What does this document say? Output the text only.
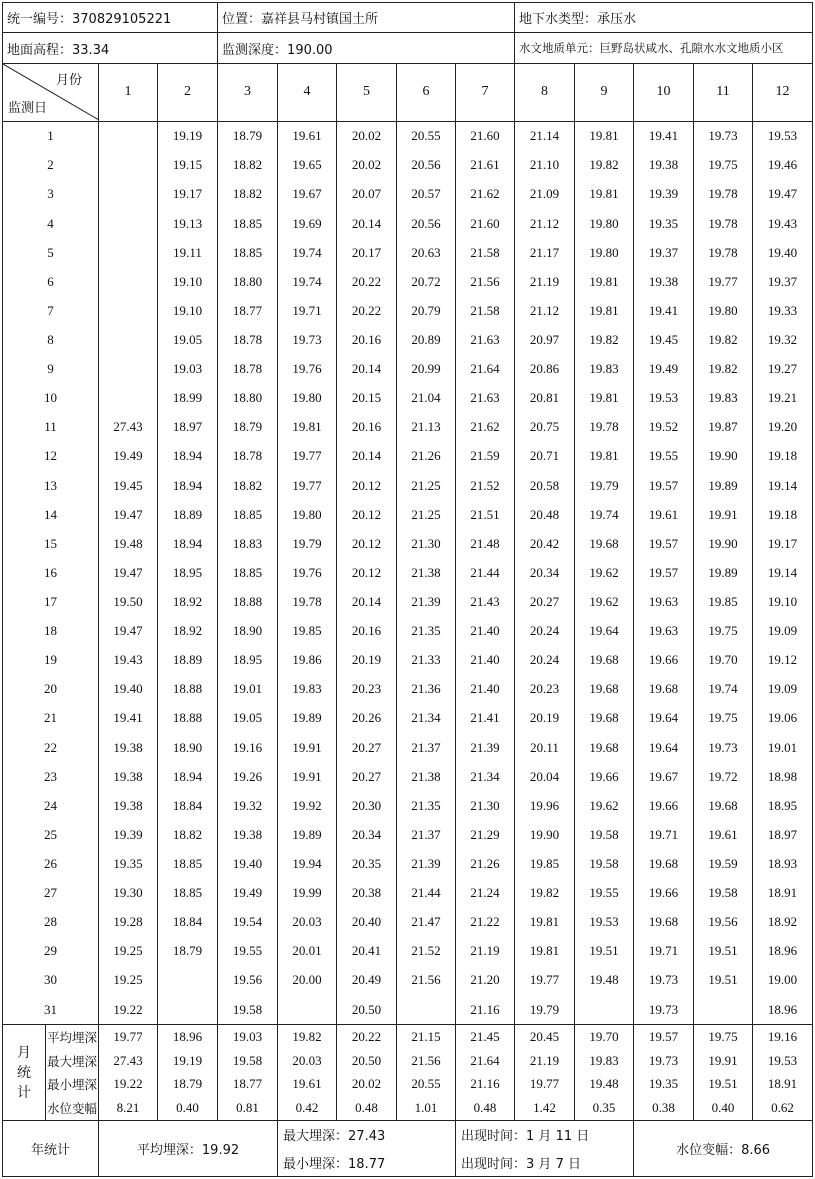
统一编号：370829105221				位置：嘉祥县马村镇国土所					地下水类型：承压水				
地面高程：33.34				监测深度：190.00					水文地质单元：巨野岛状咸水、孔隙水水文地质小区				

月份
监测日		1	2	3	4	5	6	7	8	9	10	11	12
1			19.19	18.79	19.61	20.02	20.55	21.60	21.14	19.81	19.41	19.73	19.53
2			19.15	18.82	19.65	20.02	20.56	21.61	21.10	19.82	19.38	19.75	19.46
3			19.17	18.82	19.67	20.07	20.57	21.62	21.09	19.81	19.39	19.78	19.47
4			19.13	18.85	19.69	20.14	20.56	21.60	21.12	19.80	19.35	19.78	19.43
5			19.11	18.85	19.74	20.17	20.63	21.58	21.17	19.80	19.37	19.78	19.40
6			19.10	18.80	19.74	20.22	20.72	21.56	21.19	19.81	19.38	19.77	19.37
7			19.10	18.77	19.71	20.22	20.79	21.58	21.12	19.81	19.41	19.80	19.33
8			19.05	18.78	19.73	20.16	20.89	21.63	20.97	19.82	19.45	19.82	19.32
9			19.03	18.78	19.76	20.14	20.99	21.64	20.86	19.83	19.49	19.82	19.27
10			18.99	18.80	19.80	20.15	21.04	21.63	20.81	19.81	19.53	19.83	19.21
11		27.43	18.97	18.79	19.81	20.16	21.13	21.62	20.75	19.78	19.52	19.87	19.20
12		19.49	18.94	18.78	19.77	20.14	21.26	21.59	20.71	19.81	19.55	19.90	19.18
13		19.45	18.94	18.82	19.77	20.12	21.25	21.52	20.58	19.79	19.57	19.89	19.14
14		19.47	18.89	18.85	19.80	20.12	21.25	21.51	20.48	19.74	19.61	19.91	19.18
15		19.48	18.94	18.83	19.79	20.12	21.30	21.48	20.42	19.68	19.57	19.90	19.17
16		19.47	18.95	18.85	19.76	20.12	21.38	21.44	20.34	19.62	19.57	19.89	19.14
17		19.50	18.92	18.88	19.78	20.14	21.39	21.43	20.27	19.62	19.63	19.85	19.10
18		19.47	18.92	18.90	19.85	20.16	21.35	21.40	20.24	19.64	19.63	19.75	19.09
19		19.43	18.89	18.95	19.86	20.19	21.33	21.40	20.24	19.68	19.66	19.70	19.12
20		19.40	18.88	19.01	19.83	20.23	21.36	21.40	20.23	19.68	19.68	19.74	19.09
21		19.41	18.88	19.05	19.89	20.26	21.34	21.41	20.19	19.68	19.64	19.75	19.06
22		19.38	18.90	19.16	19.91	20.27	21.37	21.39	20.11	19.68	19.64	19.73	19.01
23		19.38	18.94	19.26	19.91	20.27	21.38	21.34	20.04	19.66	19.67	19.72	18.98
24		19.38	18.84	19.32	19.92	20.30	21.35	21.30	19.96	19.62	19.66	19.68	18.95
25		19.39	18.82	19.38	19.89	20.34	21.37	21.29	19.90	19.58	19.71	19.61	18.97
26		19.35	18.85	19.40	19.94	20.35	21.39	21.26	19.85	19.58	19.68	19.59	18.93
27		19.30	18.85	19.49	19.99	20.38	21.44	21.24	19.82	19.55	19.66	19.58	18.91
28		19.28	18.84	19.54	20.03	20.40	21.47	21.22	19.81	19.53	19.68	19.56	18.92
29		19.25	18.79	19.55	20.01	20.41	21.52	21.19	19.81	19.51	19.71	19.51	18.96
30		19.25		19.56	20.00	20.49	21.56	21.20	19.77	19.48	19.73	19.51	19.00
31		19.22		19.58		20.50		21.16	19.79		19.73		18.96
月
统
计	平均埋深	19.77	18.96	19.03	19.82	20.22	21.15	21.45	20.45	19.70	19.57	19.75	19.16
	最大埋深	27.43	19.19	19.58	20.03	20.50	21.56	21.64	21.19	19.83	19.73	19.91	19.53
	最小埋深	19.22	18.79	18.77	19.61	20.02	20.55	21.16	19.77	19.48	19.35	19.51	18.91
	水位变幅	8.21	0.40	0.81	0.42	0.48	1.01	0.48	1.42	0.35	0.38	0.40	0.62
年统计		平均埋深：19.92			最大埋深：27.43			出现时间：1 月 11 日			水位变幅：8.66		
					最小埋深：18.77			出现时间：3 月 7 日					
